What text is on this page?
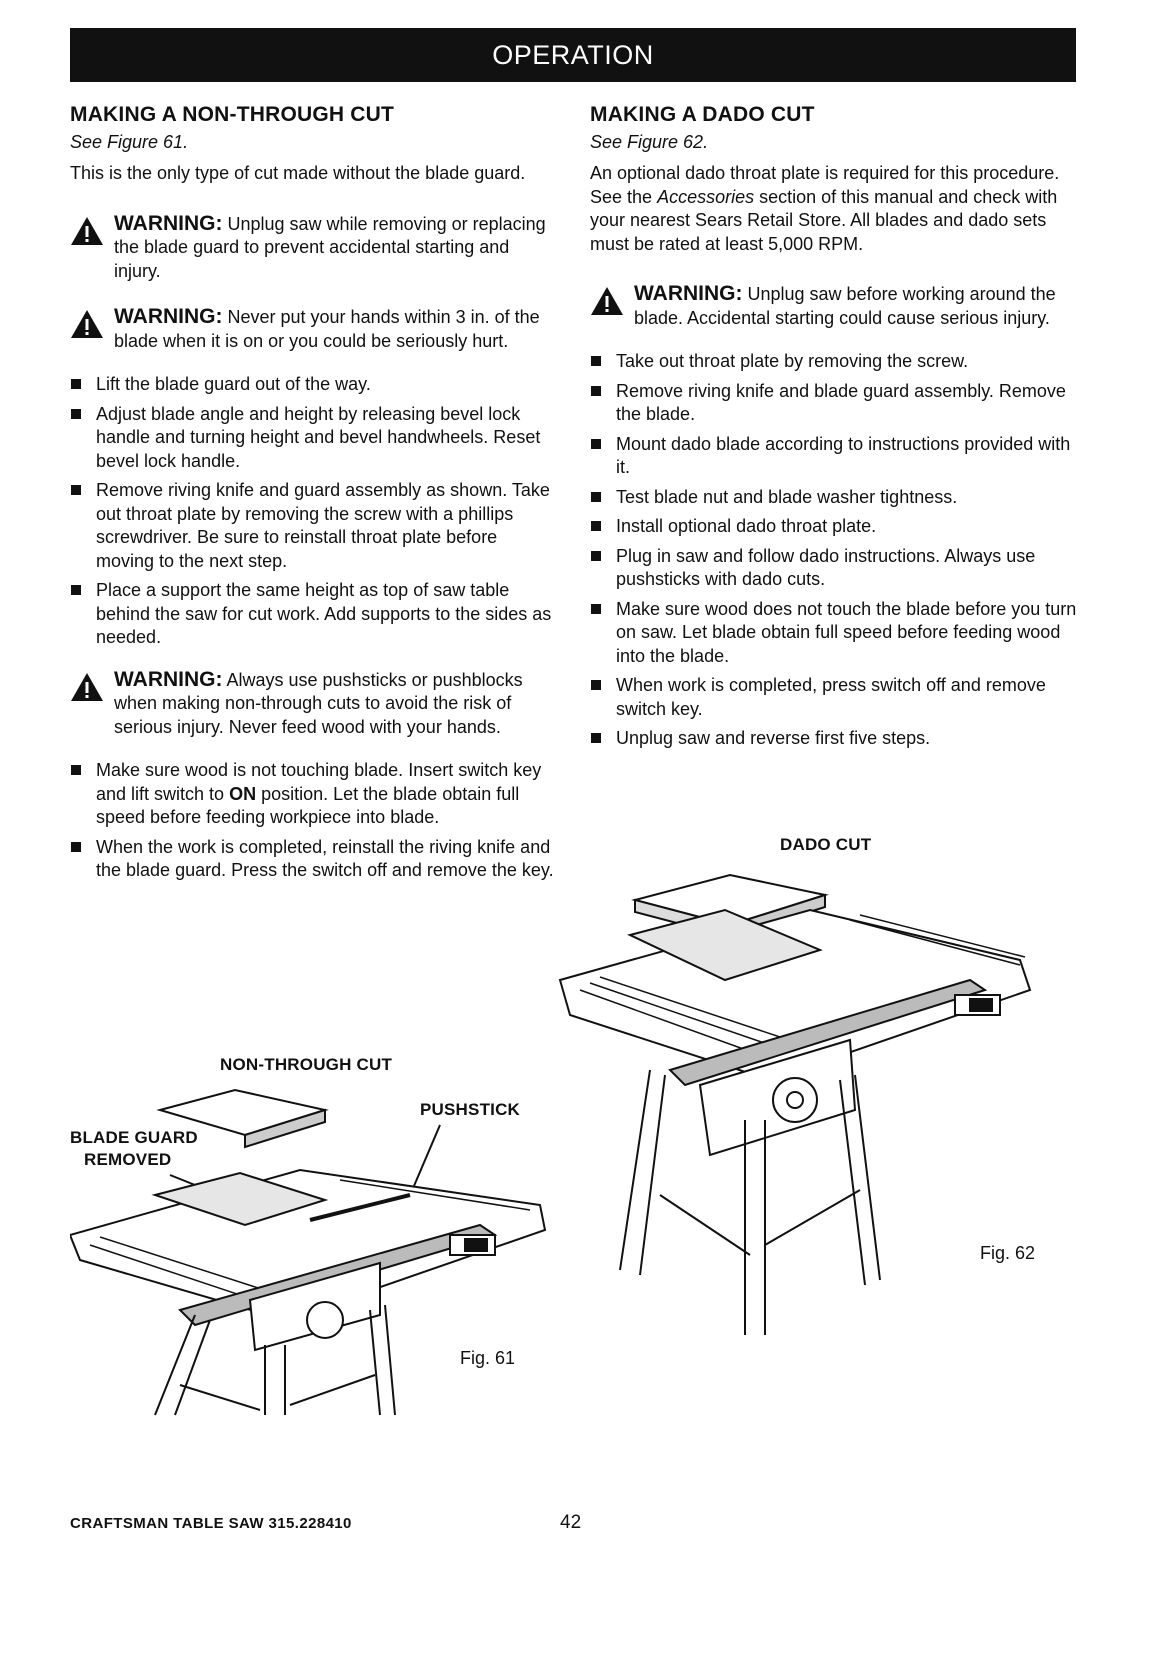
OPERATION
MAKING A NON-THROUGH CUT
See Figure 61.

This is the only type of cut made without the blade guard.

WARNING: Unplug saw while removing or replacing the blade guard to prevent accidental starting and injury.
WARNING: Never put your hands within 3 in. of the blade when it is on or you could be seriously hurt.
Lift the blade guard out of the way.
Adjust blade angle and height by releasing bevel lock handle and turning height and bevel handwheels. Reset bevel lock handle.
Remove riving knife and guard assembly as shown. Take out throat plate by removing the screw with a phillips screwdriver. Be sure to reinstall throat plate before moving to the next step.
Place a support the same height as top of saw table behind the saw for cut work. Add supports to the sides as needed.
WARNING: Always use pushsticks or pushblocks when making non-through cuts to avoid the risk of serious injury. Never feed wood with your hands.
Make sure wood is not touching blade. Insert switch key and lift switch to ON position. Let the blade obtain full speed before feeding workpiece into blade.
When the work is completed, reinstall the riving knife and the blade guard. Press the switch off and remove the key.
MAKING A DADO CUT
See Figure 62.

An optional dado throat plate is required for this procedure. See the Accessories section of this manual and check with your nearest Sears Retail Store. All blades and dado sets must be rated at least 5,000 RPM.

WARNING: Unplug saw before working around the blade. Accidental starting could cause serious injury.
Take out throat plate by removing the screw.
Remove riving knife and blade guard assembly. Remove the blade.
Mount dado blade according to instructions provided with it.
Test blade nut and blade washer tightness.
Install optional dado throat plate.
Plug in saw and follow dado instructions. Always use pushsticks with dado cuts.
Make sure wood does not touch the blade before you turn on saw. Let blade obtain full speed before feeding wood into the blade.
When work is completed, press switch off and remove switch key.
Unplug saw and reverse first five steps.
DADO CUT
Fig. 62
NON-THROUGH CUT
PUSHSTICK
BLADE GUARD
REMOVED
Fig. 61
CRAFTSMAN TABLE SAW 315.228410	42
